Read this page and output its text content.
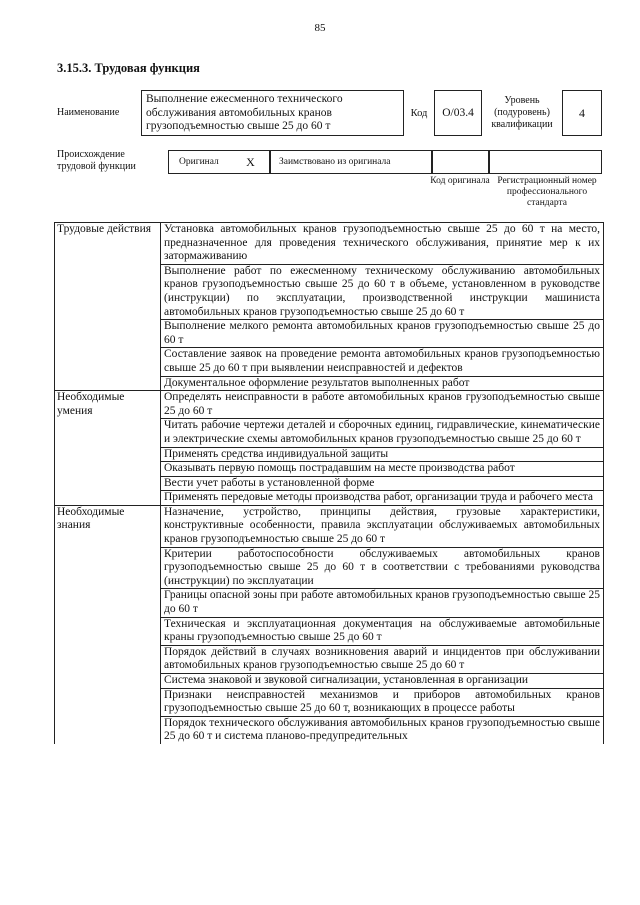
85
3.15.3. Трудовая функция
Наименование
Выполнение ежесменного технического обслуживания автомобильных кранов грузоподъемностью свыше 25 до 60 т
Код	О/03.4
Уровень (подуровень) квалификации
4
Происхождение трудовой функции	Оригинал	X	Заимствовано из оригинала
Код оригинала Регистрационный номер профессионального стандарта
Трудовые действия	Установка автомобильных кранов грузоподъемностью свыше 25 до 60 т на место, предназначенное для проведения технического обслуживания, принятие мер к их затормаживанию
	Выполнение работ по ежесменному техническому обслуживанию автомобильных кранов грузоподъемностью свыше 25 до 60 т в объеме, установленном в руководстве (инструкции) по эксплуатации, производственной инструкции машиниста автомобильных кранов грузоподъемностью свыше 25 до 60 т
	Выполнение мелкого ремонта автомобильных кранов грузоподъемностью свыше 25 до 60 т
	Составление заявок на проведение ремонта автомобильных кранов грузоподъемностью свыше 25 до 60 т при выявлении неисправностей и дефектов
	Документальное оформление результатов выполненных работ
Необходимые умения	Определять неисправности в работе автомобильных кранов грузоподъемностью свыше 25 до 60 т
	Читать рабочие чертежи деталей и сборочных единиц, гидравлические, кинематические и электрические схемы автомобильных кранов грузоподъемностью свыше 25 до 60 т
	Применять средства индивидуальной защиты
	Оказывать первую помощь пострадавшим на месте производства работ
	Вести учет работы в установленной форме
	Применять передовые методы производства работ, организации труда и рабочего места
Необходимые знания	Назначение, устройство, принципы действия, грузовые характеристики, конструктивные особенности, правила эксплуатации обслуживаемых автомобильных кранов грузоподъемностью свыше 25 до 60 т
	Критерии работоспособности обслуживаемых автомобильных кранов грузоподъемностью свыше 25 до 60 т в соответствии с требованиями руководства (инструкции) по эксплуатации
	Границы опасной зоны при работе автомобильных кранов грузоподъемностью свыше 25 до 60 т
	Техническая и эксплуатационная документация на обслуживаемые автомобильные краны грузоподъемностью свыше 25 до 60 т
	Порядок действий в случаях возникновения аварий и инцидентов при обслуживании автомобильных кранов грузоподъемностью свыше 25 до 60 т
	Система знаковой и звуковой сигнализации, установленная в организации
	Признаки неисправностей механизмов и приборов автомобильных кранов грузоподъемностью свыше 25 до 60 т, возникающих в процессе работы
	Порядок технического обслуживания автомобильных кранов грузоподъемностью свыше 25 до 60 т и система планово-предупредительных
